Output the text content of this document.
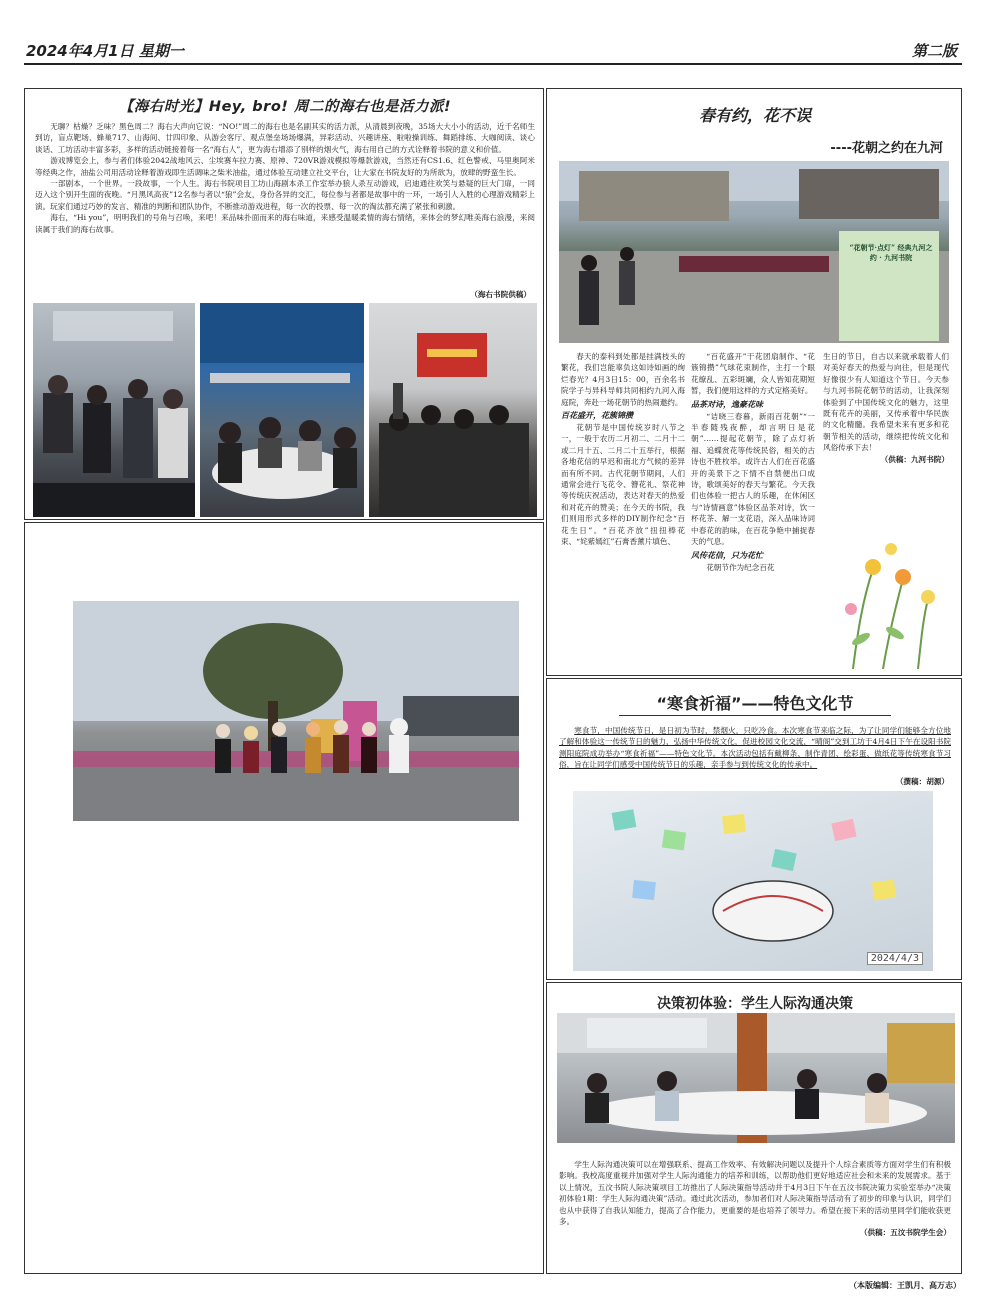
2024年4月1日 星期一	第二版
【海右时光】Hey, bro! 周二的海右也是活力派!

无聊？枯燥？乏味？黑色周二？海右大声向它说：“NO!”周二的海右也是名副其实的活力派，从清晨到夜晚，35场大大小小的活动，近千名师生到访，盲点靶场、蜂巢717、山海间、廿四印象、从游会客厅、观点堡垒场场爆满，异彩活动、兴趣讲座、啦啦操训练、舞蹈排练、大咖阅读、谈心谈话、工坊活动丰富多彩，多样的活动链接着每一名“海右人”，更为海右增添了别样的烟火气，海右用自己的方式诠释着书院的意义和价值。

游戏博览会上，参与者们体验2042战地风云、尘埃赛车拉力赛、原神、720VR游戏模拟等爆款游戏，当然还有CS1.6、红色警戒、马里奥阿米等经典之作，油盐公司用活动诠释着游戏即生活调味之柴米油盐，通过体验互动建立社交平台，让大家在书院友好的为所欲为，放肆的野蛮生长。

一部剧本，一个世界。一段故事，一个人生。海右书院项目工坊山海剧本杀工作室举办狼人杀互动游戏，启迪通往欢笑与悬疑的巨大门扉，一同迈入这个别开生面的夜晚。“月黑风高夜”12名参与者以“狼”会友，身份各异的交汇，每位参与者都是故事中的一环，一场引人入胜的心理游戏精彩上演。玩家们通过巧妙的发言、精准的判断和团队协作，不断推动游戏进程，每一次的投票、每一次的淘汰都充满了紧张和刺激。

海右，“Hi you”，明明我们的号角与召唤，来吧！来品味扑面而来的海右味道，来感受温暖柔情的海右情绪，来体会的梦幻唯美海右浪漫，来阅读属于我们的海右故事。

（海右书院供稿）

春有约，花不误
----花朝之约在九河
“花朝节·点灯” 经典九河之约 · 九河书院

春天的泰科到处都是挂满枝头的繁花，我们岂能辜负这如诗如画的绚烂春光？4月3日15：00，百余名书院学子与异科导师共同相约九河入海庭院，奔赴一场花朝节的热闹邀约。

百花盛开，花簇锦攒

花朝节是中国传统岁时八节之一，一般于农历二月初二、二月十二或二月十五、二月二十五举行，根据各地花信的早迟和南北方气候的差异而有所不同。古代花朝节期间，人们通常会进行飞花令、簪花礼、祭花神等传统庆祝活动，表达对春天的热爱和对花卉的赞美；在今天的书院，我们则用形式多样的DIY制作纪念“百花生日”。“百花齐放”扭扭棒花束、“姹紫嫣红”石膏香薰片填色、

“百花盛开”干花团扇制作、“花簇锦攒”气球花束制作，主打一个眼花缭乱、五彩斑斓，众人皆知花期短暂，我们便用这样的方式定格美好。

品茶对诗，逸豪花味

“诘晓三春暮，新雨百花朝”“一半春随残夜醉，却言明日是花朝”……提起花朝节，除了点灯祈福、追蝶赏花等传统民俗，相关的古诗也不胜枚举。或许古人们在百花盛开的美景下之下情不自禁便出口成诗，歌颂美好的春天与繁花。今天我们也体验一把古人的乐趣，在休闲区与“诗情画意”体验区品茶对诗，饮一杯花茶、解一支花语，深入品味诗词中春花的韵味，在百花争艳中捕捉春天的气息。

风传花信，只为花忙

花朝节作为纪念百花

生日的节日，自古以来就承载着人们对美好春天的热爱与向往，但是现代好像很少有人知道这个节日。今天参与九河书院花朝节的活动，让我深刻体验到了中国传统文化的魅力，这里既有花卉的美丽，又传承着中华民族的文化精髓。我希望未来有更多和花朝节相关的活动，继续把传统文化和风俗传承下去！

（供稿：九河书院）

“寒食祈福”——特色文化节

寒食节，中国传统节日，是日初为节时，禁烟火，只吃冷食。本次寒食节来临之际，为了让同学们能够全方位地了解和体验这一传统节日的魅力，弘扬中华传统文化，促进校园文化交流，“晴阁”交到工坊于4月4日下午在设阳书院测阳庭院成功举办“寒食祈福”——特色文化节。本次活动包括有戴柳条、制作青团、绘彩蛋、做纸花等传统寒食节习俗，旨在让同学们感受中国传统节日的乐趣，亲手参与到传统文化的传承中。

（撰稿：胡源）
2024/4/3
决策初体验：学生人际沟通决策

学生人际沟通决策可以在增强联系、提高工作效率、有效解决问题以及提升个人综合素质等方面对学生们有积极影响。我校高度重视并加强对学生人际沟通能力的培养和训练，以帮助他们更好地适应社会和未来的发展需求。基于以上情况，五汶书院人际决策项目工坊推出了人际决策指导活动并于4月3日下午在五汶书院决策力实验室举办“决策初体验1期：学生人际沟通决策”活动。通过此次活动，参加者们对人际决策指导活动有了初步的印象与认识，同学们也从中获得了自我认知能力，提高了合作能力，更重要的是也培养了领导力。希望在接下来的活动里同学们能收获更多。

（供稿：五汶书院学生会）

（本版编辑：王凯月、高万志）
